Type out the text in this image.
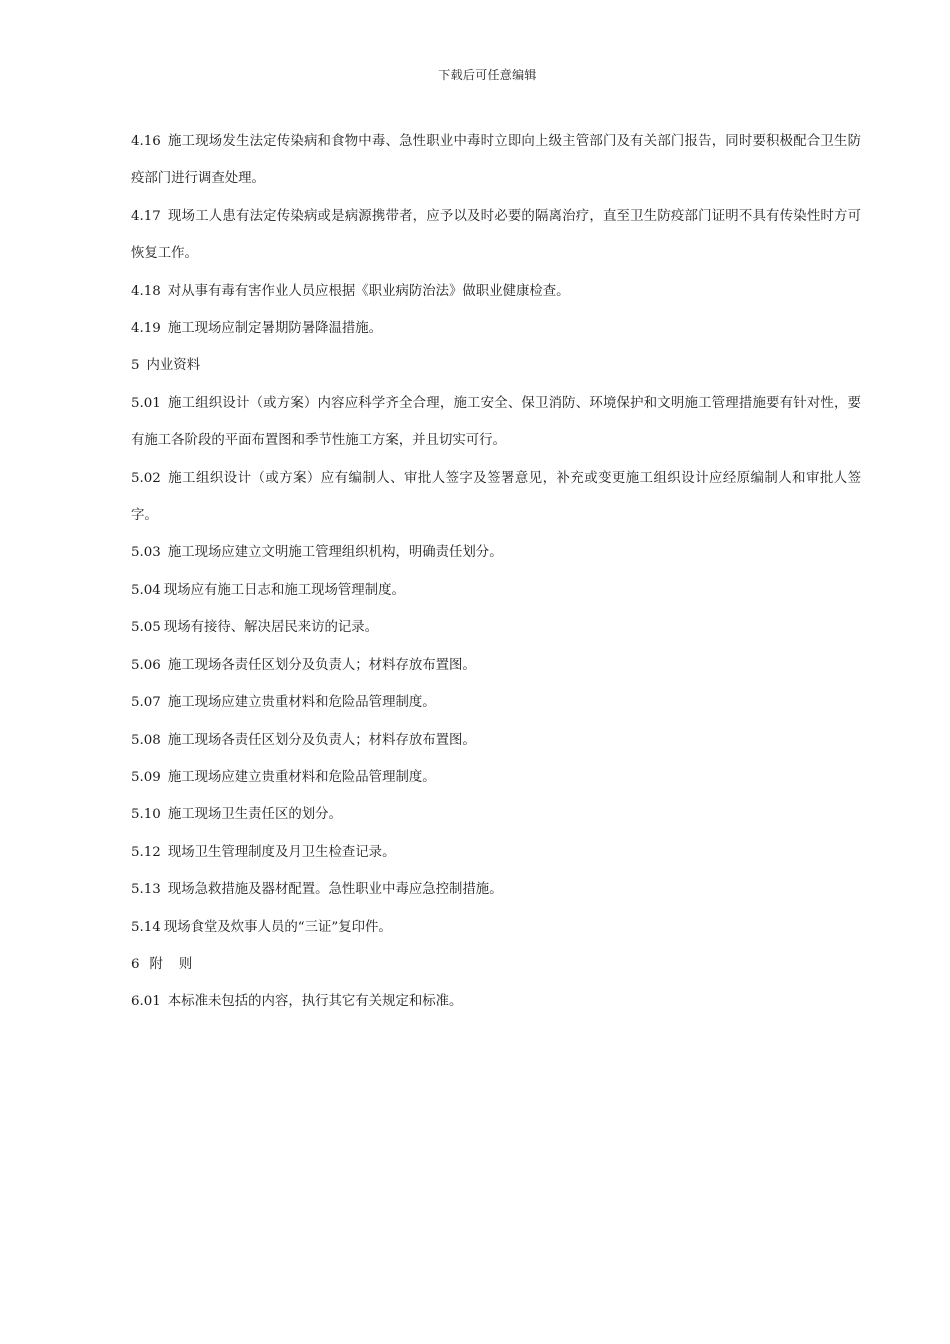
下载后可任意编辑

4.16 施工现场发生法定传染病和食物中毒、急性职业中毒时立即向上级主管部门及有关部门报告，同时要积极配合卫生防疫部门进行调查处理。

4.17 现场工人患有法定传染病或是病源携带者，应予以及时必要的隔离治疗，直至卫生防疫部门证明不具有传染性时方可恢复工作。

4.18 对从事有毒有害作业人员应根据《职业病防治法》做职业健康检查。

4.19 施工现场应制定暑期防暑降温措施。

5 内业资料

5.01 施工组织设计（或方案）内容应科学齐全合理，施工安全、保卫消防、环境保护和文明施工管理措施要有针对性，要有施工各阶段的平面布置图和季节性施工方案，并且切实可行。

5.02 施工组织设计（或方案）应有编制人、审批人签字及签署意见，补充或变更施工组织设计应经原编制人和审批人签字。

5.03 施工现场应建立文明施工管理组织机构，明确责任划分。

5.04 现场应有施工日志和施工现场管理制度。

5.05 现场有接待、解决居民来访的记录。

5.06 施工现场各责任区划分及负责人；材料存放布置图。

5.07 施工现场应建立贵重材料和危险品管理制度。

5.08 施工现场各责任区划分及负责人；材料存放布置图。

5.09 施工现场应建立贵重材料和危险品管理制度。

5.10 施工现场卫生责任区的划分。

5.12 现场卫生管理制度及月卫生检查记录。

5.13 现场急救措施及器材配置。急性职业中毒应急控制措施。

5.14 现场食堂及炊事人员的“三证”复印件。

6 附则

6.01 本标准未包括的内容，执行其它有关规定和标准。
